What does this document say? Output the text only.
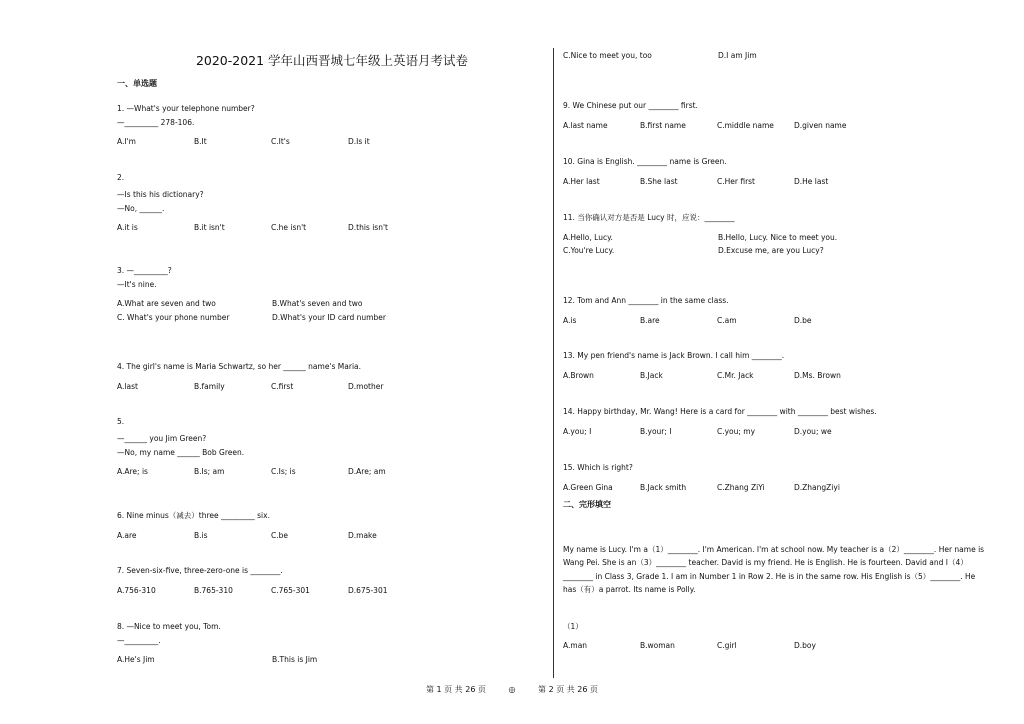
2020-2021 学年山西晋城七年级上英语月考试卷
一、单选题
二、完形填空
My name is Lucy. I'm a（1）________. I'm American. I'm at school now. My teacher is a（2）________. Her name is Wang Pei. She is an（3）________ teacher. David is my friend. He is English. He is fourteen. David and I（4）________ in Class 3, Grade 1. I am in Number 1 in Row 2. He is in the same row. His English is（5）________. He has（有）a parrot. Its name is Polly.
（1）
第 1 页 共 26 页	◎	第 2 页 共 26 页
1. —What's your telephone number?
—_________ 278-106.
A.I'm	B.It	C.It's	D.Is it
2.
—Is this his dictionary?
—No, ______.
A.it is	B.it isn't	C.he isn't	D.this isn't
3. —_________?
—It's nine.
A.What are seven and two	B.What's seven and two
C. What's your phone number	D.What's your ID card number
4. The girl's name is Maria Schwartz, so her ______ name's Maria.
A.last	B.family	C.first	D.mother
5.
—______ you Jim Green?
—No, my name ______ Bob Green.
A.Are; is	B.Is; am	C.Is; is	D.Are; am
6. Nine minus（减去）three _________ six.
A.are	B.is	C.be	D.make
7. Seven-six-five, three-zero-one is ________.
A.756-310	B.765-310	C.765-301	D.675-301
8. —Nice to meet you, Tom.
—_________.
A.He's Jim	B.This is Jim
C.Nice to meet you, too	D.I am Jim
9. We Chinese put our ________ first.
A.last name	B.first name	C.middle name	D.given name
10. Gina is English. ________ name is Green.
A.Her last	B.She last	C.Her first	D.He last
11. 当你确认对方是否是 Lucy 时，应说：________
A.Hello, Lucy.	B.Hello, Lucy. Nice to meet you.
C.You're Lucy.	D.Excuse me, are you Lucy?
12. Tom and Ann ________ in the same class.
A.is	B.are	C.am	D.be
13. My pen friend's name is Jack Brown. I call him ________.
A.Brown	B.Jack	C.Mr. Jack	D.Ms. Brown
14. Happy birthday, Mr. Wang! Here is a card for ________ with ________ best wishes.
A.you; I	B.your; I	C.you; my	D.you; we
15. Which is right?
A.Green Gina	B.Jack smith	C.Zhang ZiYi	D.ZhangZiyi
A.man	B.woman	C.girl	D.boy
